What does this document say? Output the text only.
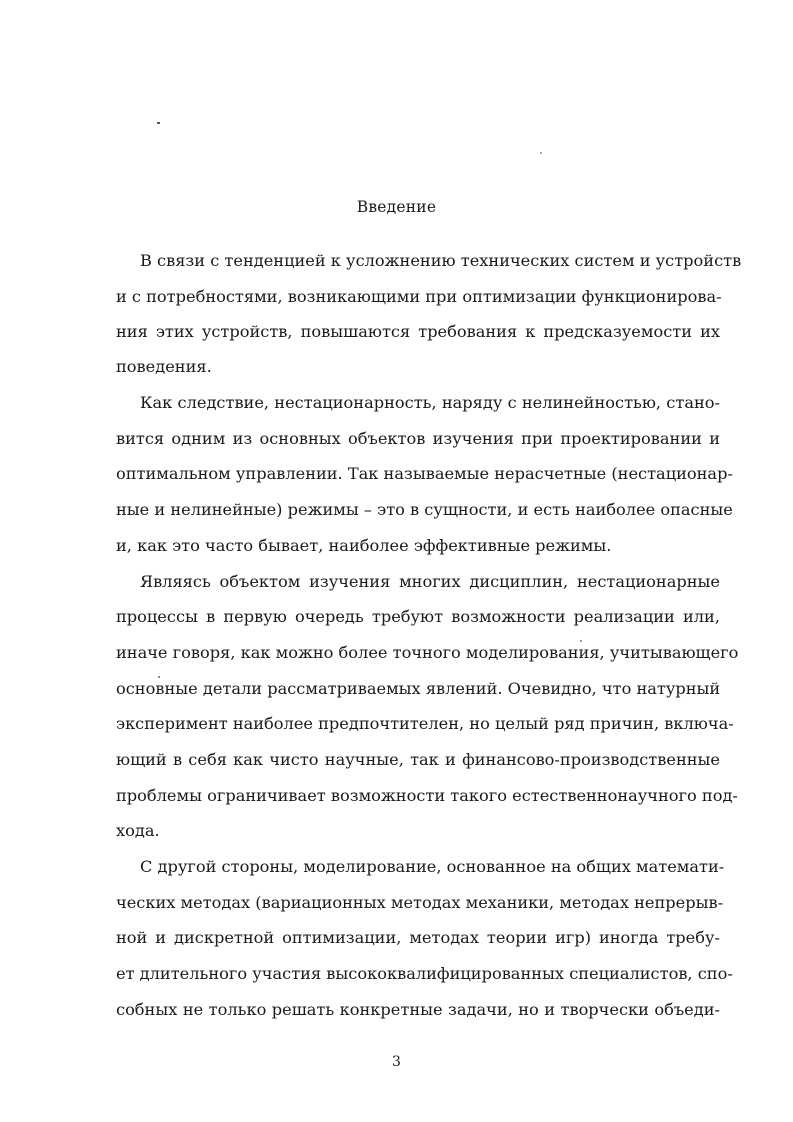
Введение
В связи с тенденцией к усложнению технических систем и устройств
и с потребностями, возникающими при оптимизации функционирова-
ния этих устройств, повышаются требования к предсказуемости их
поведения.
Как следствие, нестационарность, наряду с нелинейностью, стано-
вится одним из основных объектов изучения при проектировании и
оптимальном управлении. Так называемые нерасчетные (нестационар-
ные и нелинейные) режимы – это в сущности, и есть наиболее опасные
и, как это часто бывает, наиболее эффективные режимы.
Являясь объектом изучения многих дисциплин, нестационарные
процессы в первую очередь требуют возможности реализации или,
иначе говоря, как можно более точного моделирования, учитывающего
основные детали рассматриваемых явлений. Очевидно, что натурный
эксперимент наиболее предпочтителен, но целый ряд причин, включа-
ющий в себя как чисто научные, так и финансово-производственные
проблемы ограничивает возможности такого естественнонаучного под-
хода.
С другой стороны, моделирование, основанное на общих математи-
ческих методах (вариационных методах механики, методах непрерыв-
ной и дискретной оптимизации, методах теории игр) иногда требу-
ет длительного участия высококвалифицированных специалистов, спо-
собных не только решать конкретные задачи, но и творчески объеди-
3
